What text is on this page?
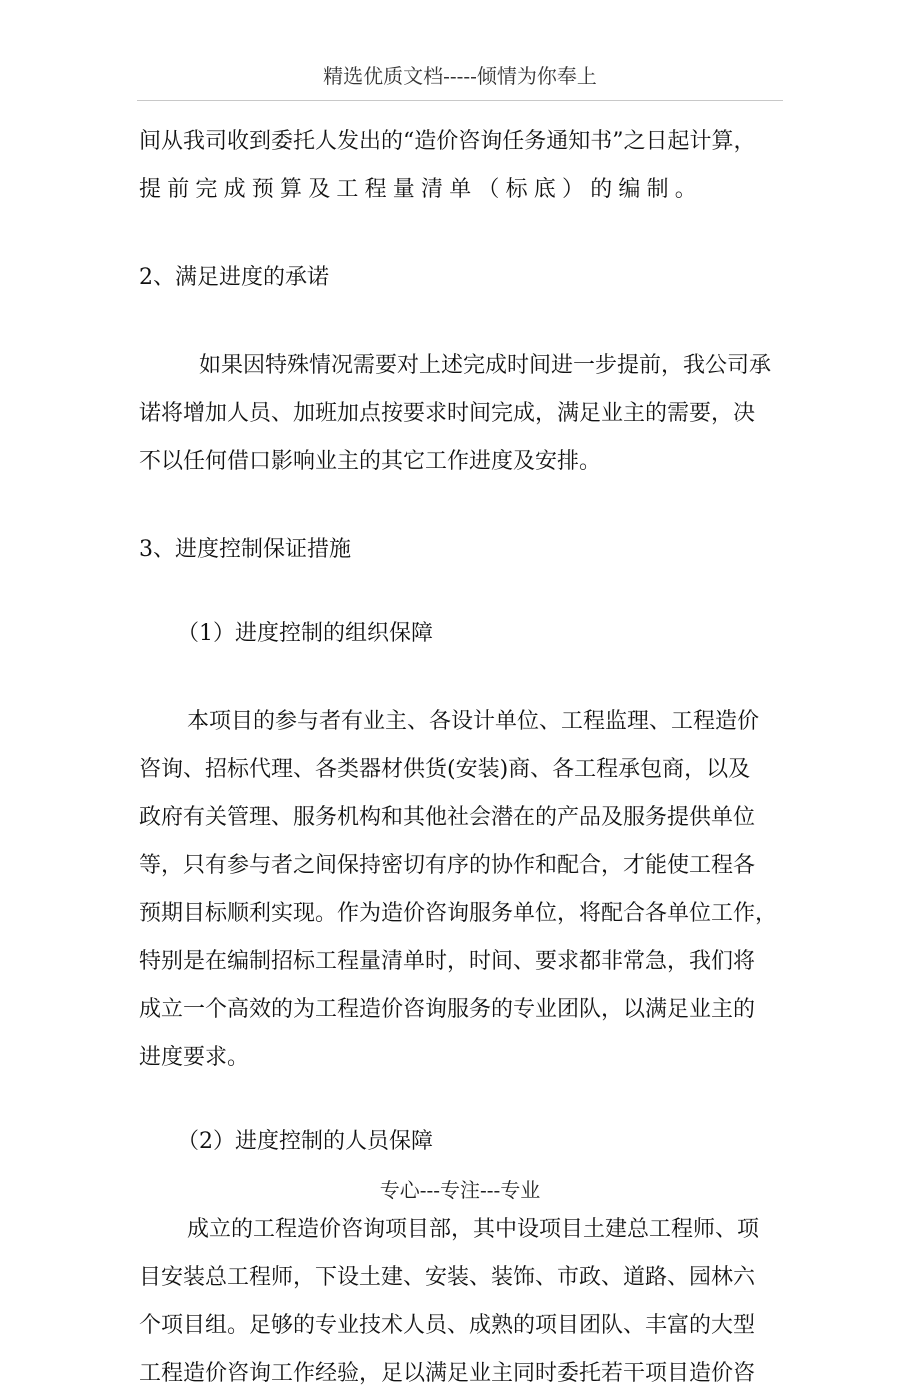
精选优质文档-----倾情为你奉上
间从我司收到委托人发出的“造价咨询任务通知书”之日起计算，
提前完成预算及工程量清单（标底）的编制。
2、满足进度的承诺
如果因特殊情况需要对上述完成时间进一步提前，我公司承
诺将增加人员、加班加点按要求时间完成，满足业主的需要，决
不以任何借口影响业主的其它工作进度及安排。
3、进度控制保证措施
（1）进度控制的组织保障
本项目的参与者有业主、各设计单位、工程监理、工程造价
咨询、招标代理、各类器材供货(安装)商、各工程承包商，以及
政府有关管理、服务机构和其他社会潜在的产品及服务提供单位
等，只有参与者之间保持密切有序的协作和配合，才能使工程各
预期目标顺利实现。作为造价咨询服务单位，将配合各单位工作，
特别是在编制招标工程量清单时，时间、要求都非常急，我们将
成立一个高效的为工程造价咨询服务的专业团队，以满足业主的
进度要求。
（2）进度控制的人员保障
成立的工程造价咨询项目部，其中设项目土建总工程师、项
目安装总工程师，下设土建、安装、装饰、市政、道路、园林六
个项目组。足够的专业技术人员、成熟的项目团队、丰富的大型
工程造价咨询工作经验，足以满足业主同时委托若干项目造价咨
专心---专注---专业
